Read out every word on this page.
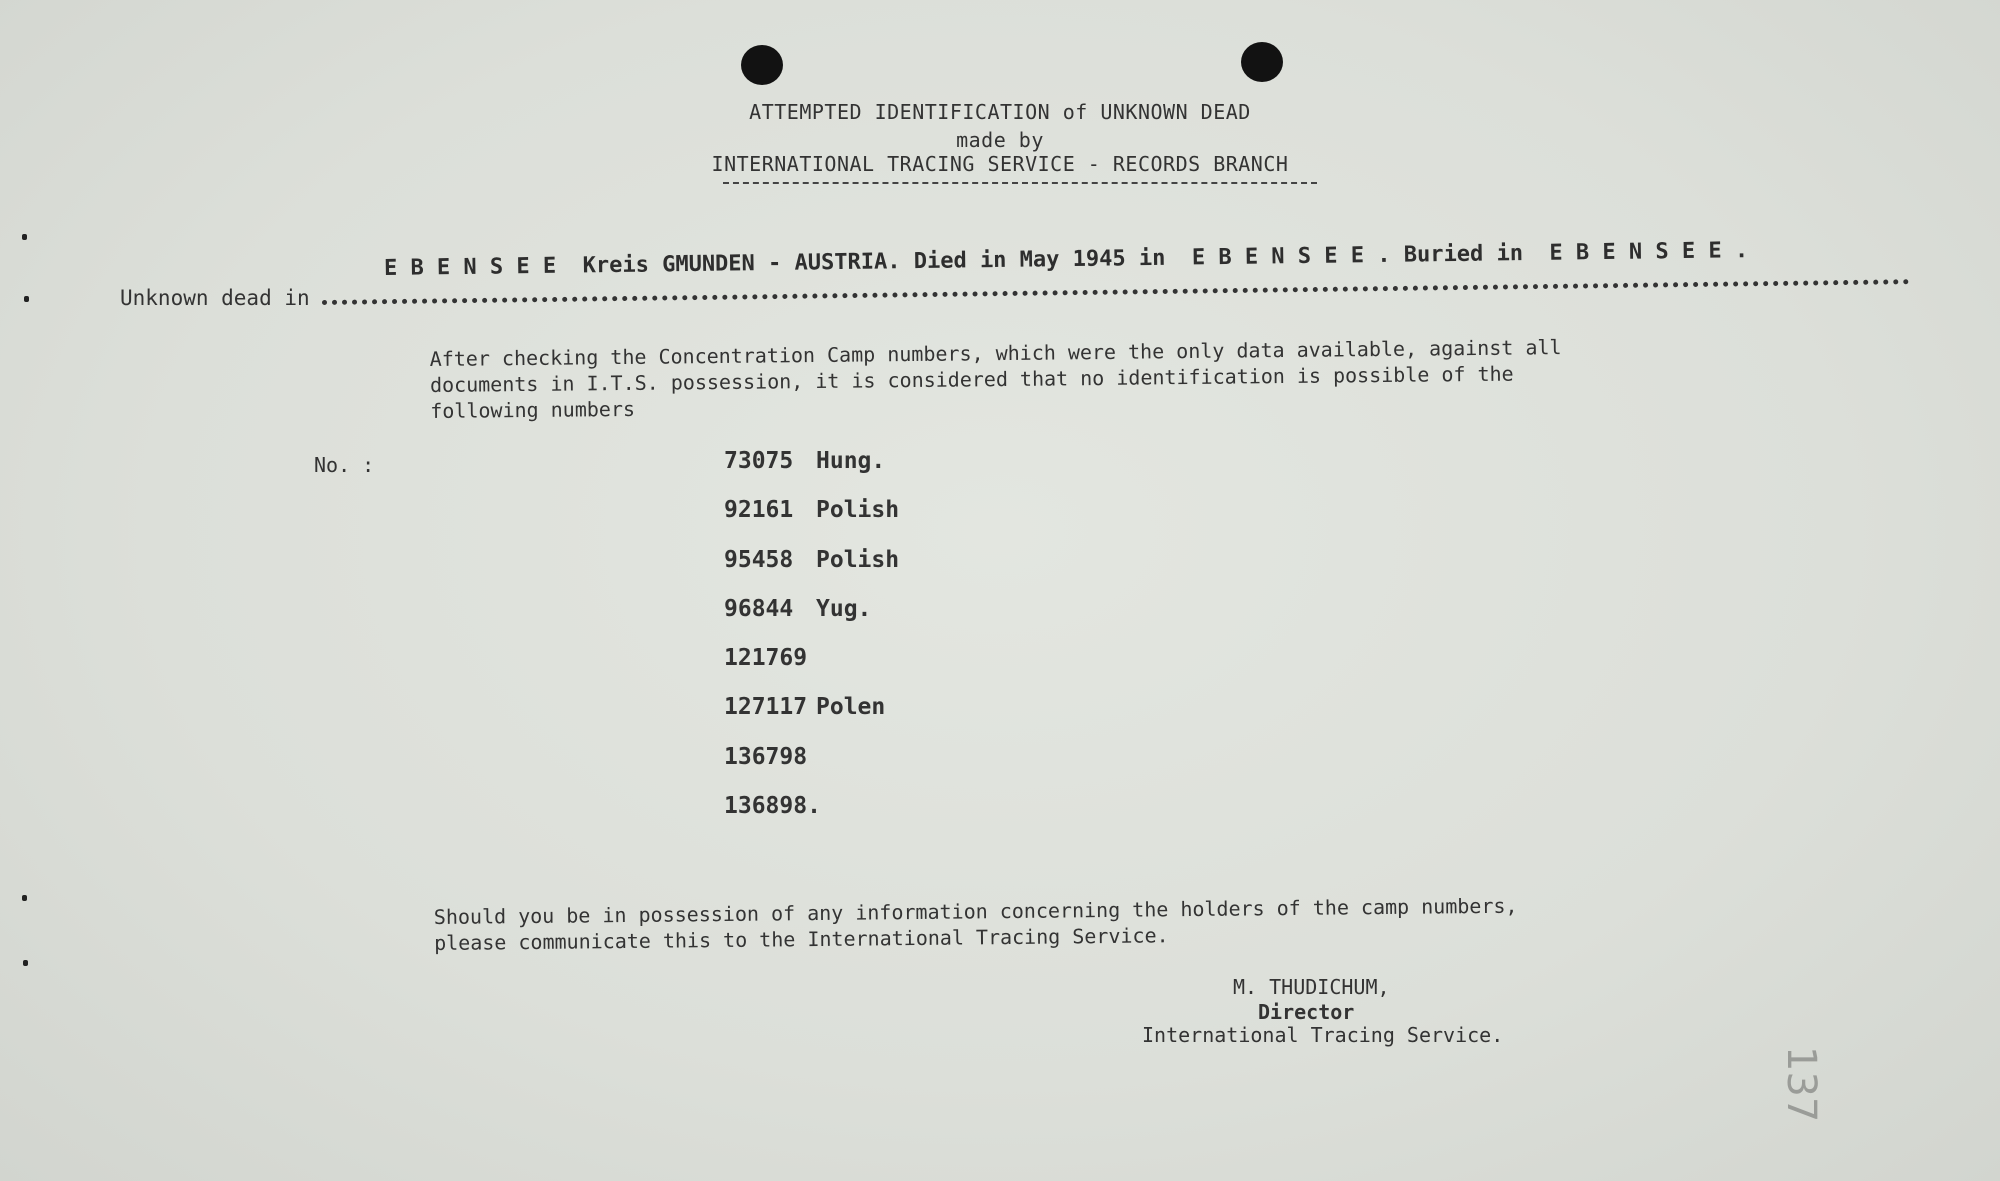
ATTEMPTED IDENTIFICATION of UNKNOWN DEAD
made by
INTERNATIONAL TRACING SERVICE - RECORDS BRANCH
Unknown dead in
E B E N S E E  Kreis GMUNDEN - AUSTRIA. Died in May 1945 in  E B E N S E E . Buried in  E B E N S E E .
After checking the Concentration Camp numbers, which were the only data available, against all
documents in I.T.S. possession, it is considered that no identification is possible of the
following numbers
No. :	73075 Hung.
92161 Polish
95458 Polish
96844 Yug.
121769
127117 Polen
136798
136898.
Should you be in possession of any information concerning the holders of the camp numbers,
please communicate this to the International Tracing Service.
M. THUDICHUM,
Director
International Tracing Service.
137
